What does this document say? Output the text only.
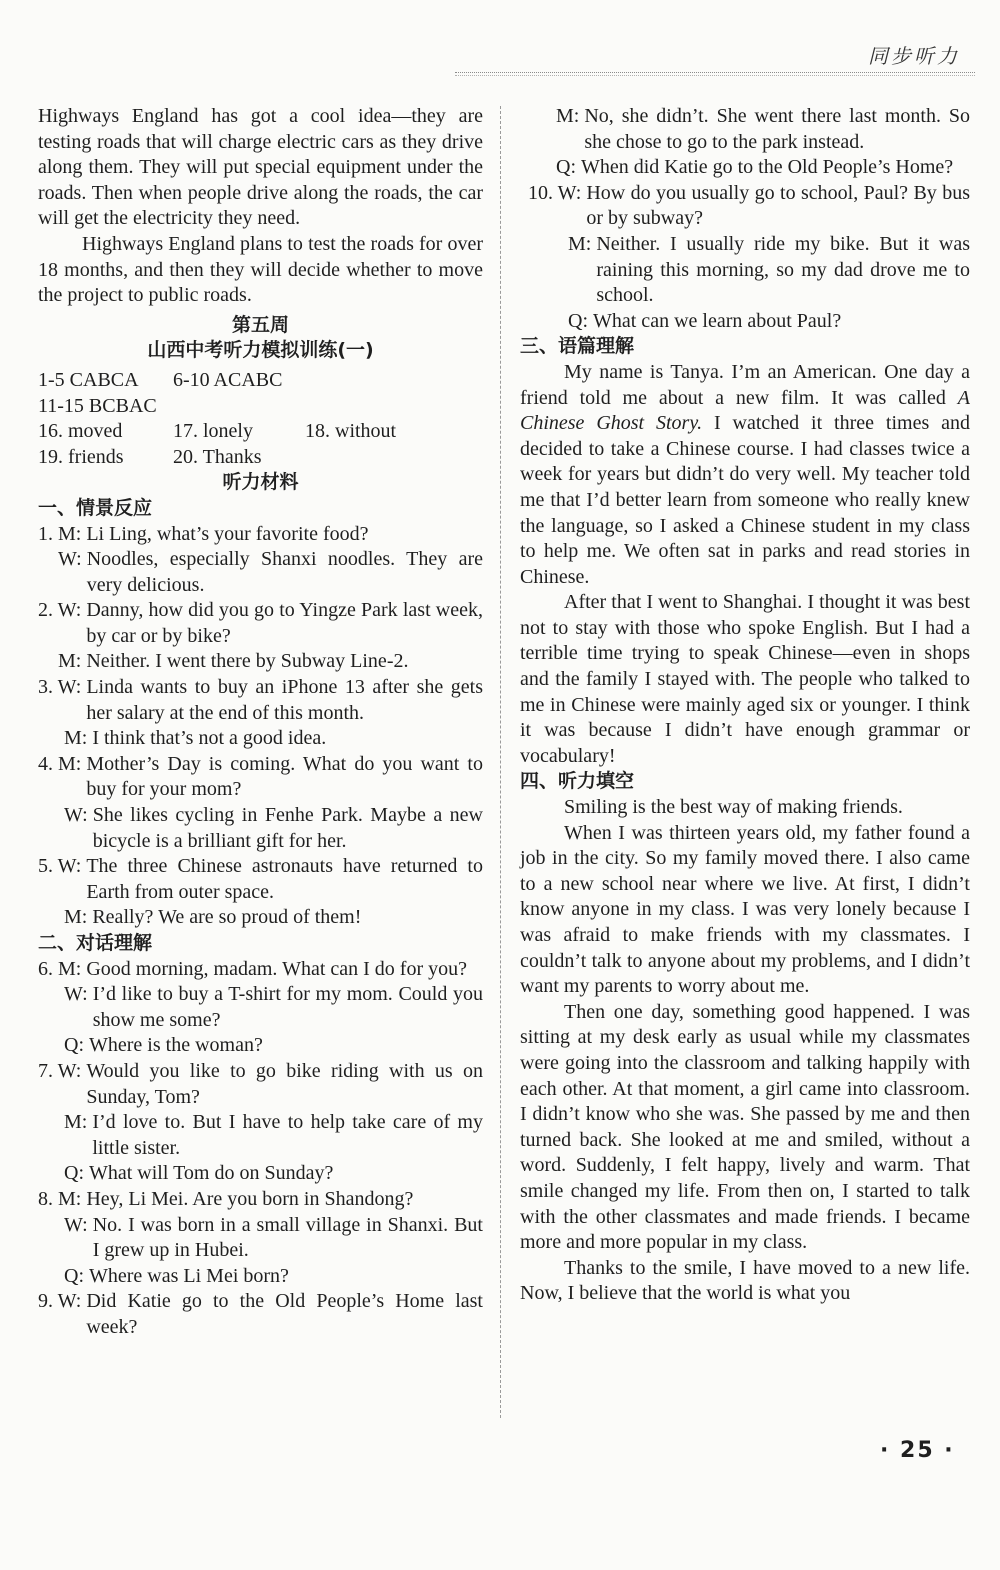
同步听力

Highways England has got a cool idea—they are testing roads that will charge electric cars as they drive along them. They will put special equipment under the roads. Then when people drive along the roads, the car will get the electricity they need.

Highways England plans to test the roads for over 18 months, and then they will decide whether to move the project to public roads.

第五周

山西中考听力模拟训练(一)

1-5 CABCA	6-10 ACABC
11-15 BCBAC
16. moved	17. lonely	18. without
19. friends	20. Thanks

听力材料

一、情景反应

1. M: Li Ling, what’s your favorite food?
W: Noodles, especially Shanxi noodles. They are very delicious.
2. W: Danny, how did you go to Yingze Park last week, by car or by bike?
M: Neither. I went there by Subway Line-2.
3. W: Linda wants to buy an iPhone 13 after she gets her salary at the end of this month.
M: I think that’s not a good idea.
4. M: Mother’s Day is coming. What do you want to buy for your mom?
W: She likes cycling in Fenhe Park. Maybe a new bicycle is a brilliant gift for her.
5. W: The three Chinese astronauts have returned to Earth from outer space.
M: Really? We are so proud of them!

二、对话理解

6. M: Good morning, madam. What can I do for you?
W: I’d like to buy a T-shirt for my mom. Could you show me some?
Q: Where is the woman?
7. W: Would you like to go bike riding with us on Sunday, Tom?
M: I’d love to. But I have to help take care of my little sister.
Q: What will Tom do on Sunday?
8. M: Hey, Li Mei. Are you born in Shandong?
W: No. I was born in a small village in Shanxi. But I grew up in Hubei.
Q: Where was Li Mei born?
9. W: Did Katie go to the Old People’s Home last week?
M: No, she didn’t. She went there last month. So she chose to go to the park instead.
Q: When did Katie go to the Old People’s Home?
10. W: How do you usually go to school, Paul? By bus or by subway?
M: Neither. I usually ride my bike. But it was raining this morning, so my dad drove me to school.
Q: What can we learn about Paul?

三、语篇理解

My name is Tanya. I’m an American. One day a friend told me about a new film. It was called A Chinese Ghost Story. I watched it three times and decided to take a Chinese course. I had classes twice a week for years but didn’t do very well. My teacher told me that I’d better learn from someone who really knew the language, so I asked a Chinese student in my class to help me. We often sat in parks and read stories in Chinese.

After that I went to Shanghai. I thought it was best not to stay with those who spoke English. But I had a terrible time trying to speak Chinese—even in shops and the family I stayed with. The people who talked to me in Chinese were mainly aged six or younger. I think it was because I didn’t have enough grammar or vocabulary!

四、听力填空

Smiling is the best way of making friends.

When I was thirteen years old, my father found a job in the city. So my family moved there. I also came to a new school near where we live. At first, I didn’t know anyone in my class. I was very lonely because I was afraid to make friends with my classmates. I couldn’t talk to anyone about my problems, and I didn’t want my parents to worry about me.

Then one day, something good happened. I was sitting at my desk early as usual while my classmates were going into the classroom and talking happily with each other. At that moment, a girl came into classroom. I didn’t know who she was. She passed by me and then turned back. She looked at me and smiled, without a word. Suddenly, I felt happy, lively and warm. That smile changed my life. From then on, I started to talk with the other classmates and made friends. I became more and more popular in my class.

Thanks to the smile, I have moved to a new life. Now, I believe that the world is what you

· 25 ·
